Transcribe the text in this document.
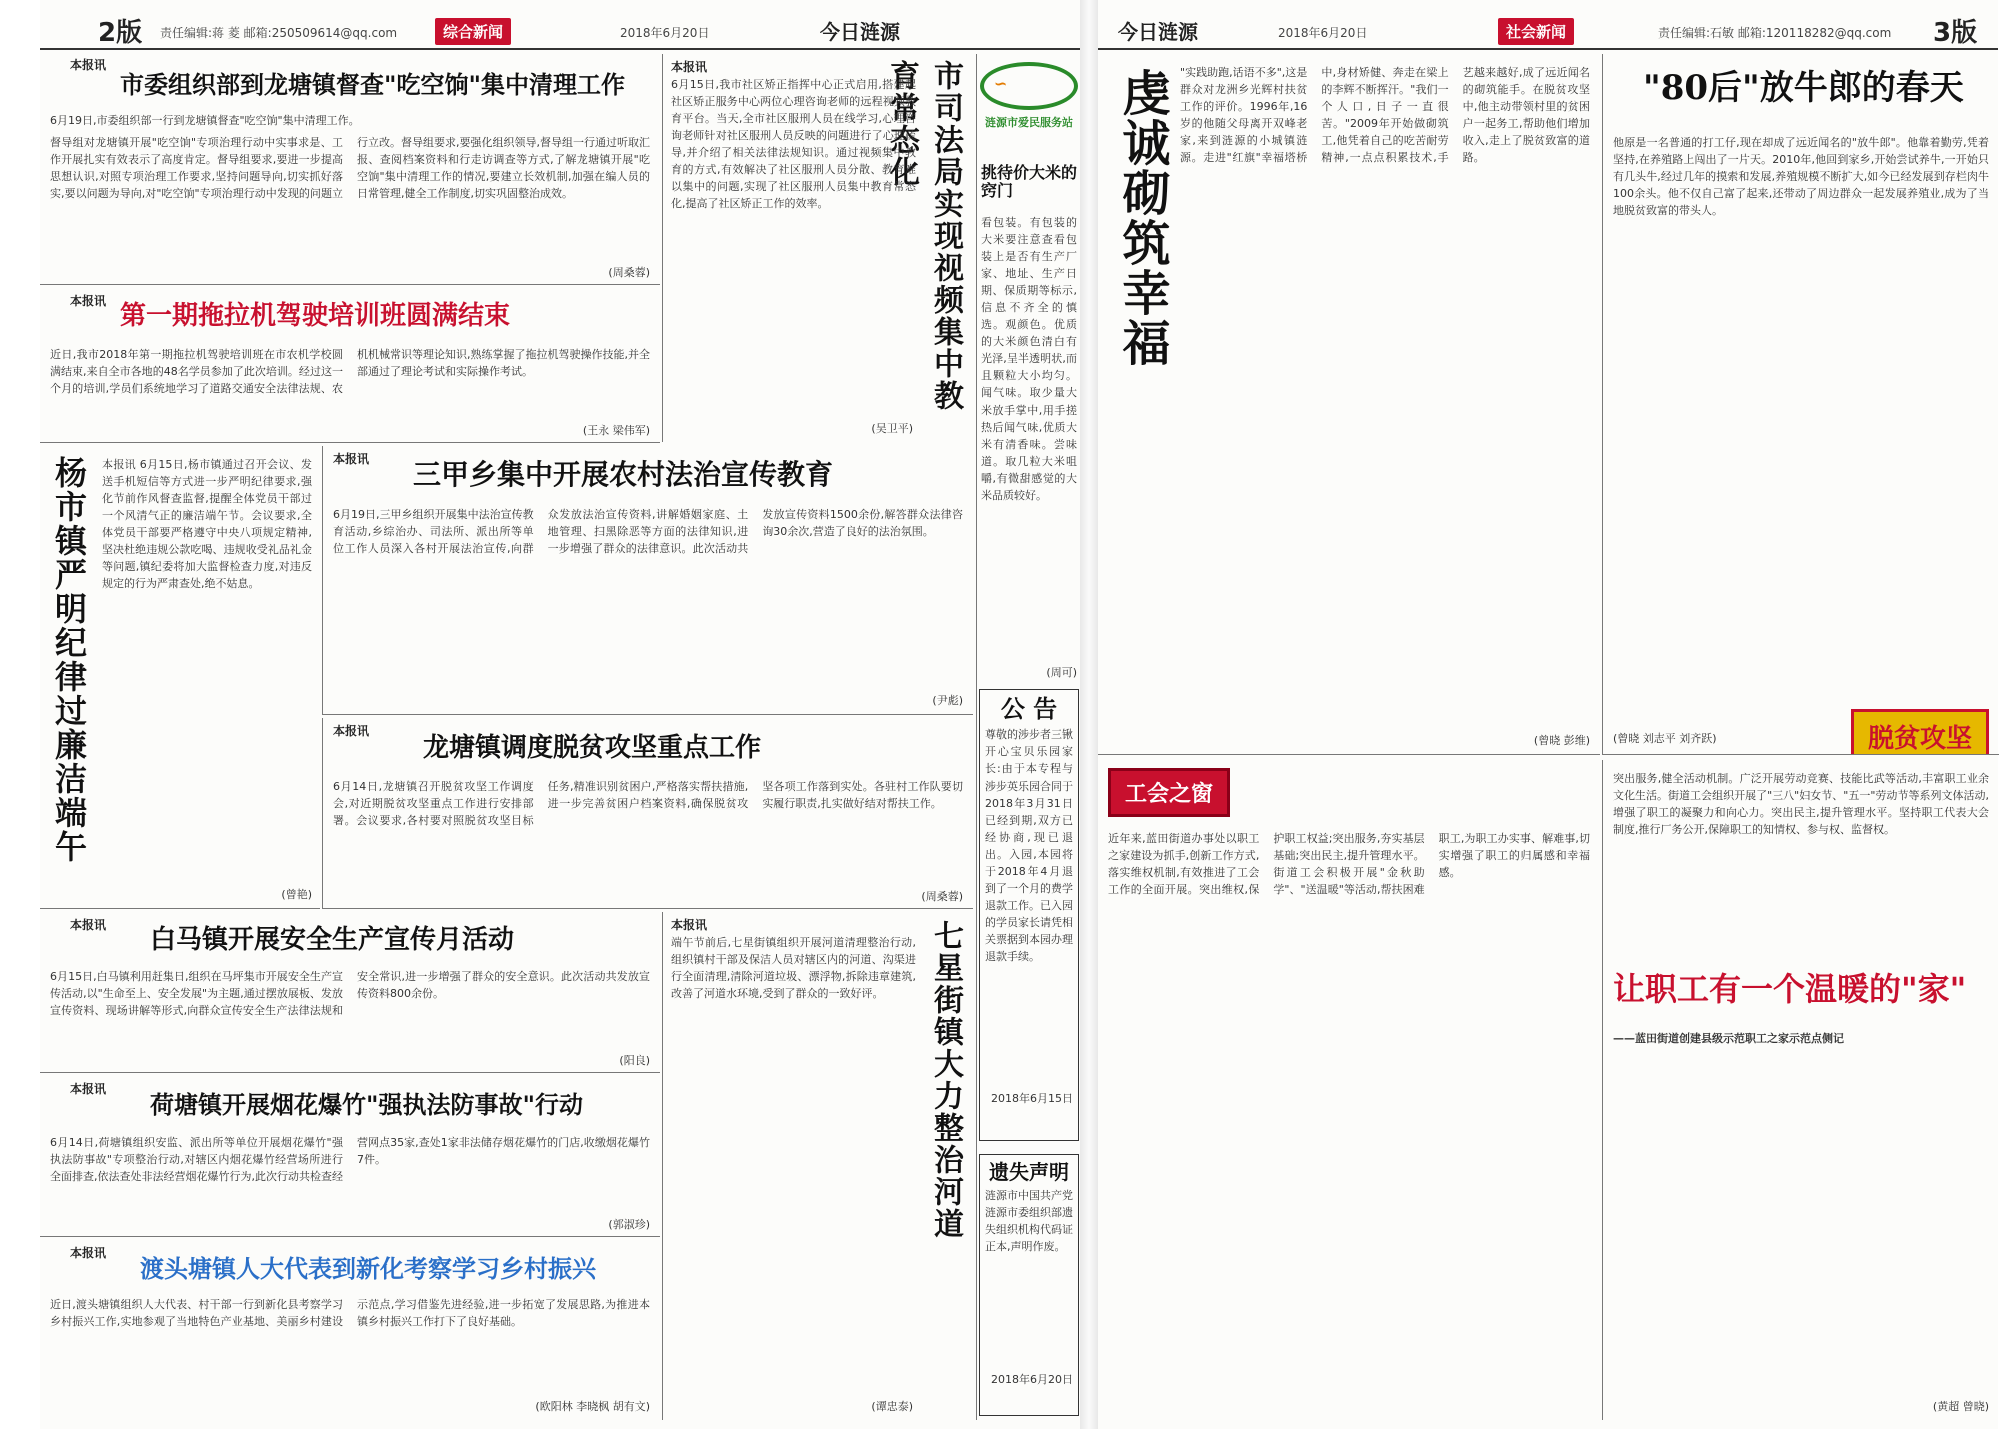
2版 责任编辑:蒋 菱 邮箱:250509614@qq.com	综合新闻	2018年6月20日	今日涟源
本报讯
市委组织部到龙塘镇督查"吃空饷"集中清理工作
6月19日,市委组织部一行到龙塘镇督查"吃空饷"集中清理工作。
督导组对龙塘镇开展"吃空饷"专项治理行动中实事求是、工作开展扎实有效表示了高度肯定。督导组要求,要进一步提高思想认识,对照专项治理工作要求,坚持问题导向,切实抓好落实,要以问题为导向,对"吃空饷"专项治理行动中发现的问题立行立改。督导组要求,要强化组织领导,督导组一行通过听取汇报、查阅档案资料和行走访调查等方式,了解龙塘镇开展"吃空饷"集中清理工作的情况,要建立长效机制,加强在编人员的日常管理,健全工作制度,切实巩固整治成效。
(周桑蓉)
本报讯	市司法局实现视频集中教育常态化
6月15日,我市社区矫正指挥中心正式启用,搭建起社区矫正服务中心两位心理咨询老师的远程视频教育平台。当天,全市社区服刑人员在线学习,心理咨询老师针对社区服刑人员反映的问题进行了心理疏导,并介绍了相关法律法规知识。通过视频集中教育的方式,有效解决了社区服刑人员分散、教育难以集中的问题,实现了社区服刑人员集中教育常态化,提高了社区矫正工作的效率。
(吴卫平)
本报讯 第一期拖拉机驾驶培训班圆满结束
近日,我市2018年第一期拖拉机驾驶培训班在市农机学校圆满结束,来自全市各地的48名学员参加了此次培训。经过这一个月的培训,学员们系统地学习了道路交通安全法律法规、农机机械常识等理论知识,熟练掌握了拖拉机驾驶操作技能,并全部通过了理论考试和实际操作考试。
(王永 梁伟军)
杨市镇严明纪律过廉洁端午	本报讯 6月15日,杨市镇通过召开会议、发送手机短信等方式进一步严明纪律要求,强化节前作风督查监督,提醒全体党员干部过一个风清气正的廉洁端午节。会议要求,全体党员干部要严格遵守中央八项规定精神,坚决杜绝违规公款吃喝、违规收受礼品礼金等问题,镇纪委将加大监督检查力度,对违反规定的行为严肃查处,绝不姑息。
(曾艳)
本报讯 三甲乡集中开展农村法治宣传教育
6月19日,三甲乡组织开展集中法治宣传教育活动,乡综治办、司法所、派出所等单位工作人员深入各村开展法治宣传,向群众发放法治宣传资料,讲解婚姻家庭、土地管理、扫黑除恶等方面的法律知识,进一步增强了群众的法律意识。此次活动共发放宣传资料1500余份,解答群众法律咨询30余次,营造了良好的法治氛围。
(尹彪)
本报讯
龙塘镇调度脱贫攻坚重点工作
6月14日,龙塘镇召开脱贫攻坚工作调度会,对近期脱贫攻坚重点工作进行安排部署。会议要求,各村要对照脱贫攻坚目标任务,精准识别贫困户,严格落实帮扶措施,进一步完善贫困户档案资料,确保脱贫攻坚各项工作落到实处。各驻村工作队要切实履行职责,扎实做好结对帮扶工作。
(周桑蓉)
本报讯 白马镇开展安全生产宣传月活动
6月15日,白马镇利用赶集日,组织在马坪集市开展安全生产宣传活动,以"生命至上、安全发展"为主题,通过摆放展板、发放宣传资料、现场讲解等形式,向群众宣传安全生产法律法规和安全常识,进一步增强了群众的安全意识。此次活动共发放宣传资料800余份。
(阳良)
本报讯
荷塘镇开展烟花爆竹"强执法防事故"行动
6月14日,荷塘镇组织安监、派出所等单位开展烟花爆竹"强执法防事故"专项整治行动,对辖区内烟花爆竹经营场所进行全面排查,依法查处非法经营烟花爆竹行为,此次行动共检查经营网点35家,查处1家非法储存烟花爆竹的门店,收缴烟花爆竹7件。
(郭淑珍)
本报讯
渡头塘镇人大代表到新化考察学习乡村振兴
近日,渡头塘镇组织人大代表、村干部一行到新化县考察学习乡村振兴工作,实地参观了当地特色产业基地、美丽乡村建设示范点,学习借鉴先进经验,进一步拓宽了发展思路,为推进本镇乡村振兴工作打下了良好基础。
(欧阳林 李晓枫 胡有文)
本报讯	七星街镇大力整治河道
端午节前后,七星街镇组织开展河道清理整治行动,组织镇村干部及保洁人员对辖区内的河道、沟渠进行全面清理,清除河道垃圾、漂浮物,拆除违章建筑,改善了河道水环境,受到了群众的一致好评。
(谭忠泰)
∽
涟源市爱民服务站
挑待价大米的窍门
看包装。有包装的大米要注意查看包装上是否有生产厂家、地址、生产日期、保质期等标示,信息不齐全的慎选。观颜色。优质的大米颜色清白有光泽,呈半透明状,而且颗粒大小均匀。闻气味。取少量大米放手掌中,用手搓热后闻气味,优质大米有清香味。尝味道。取几粒大米咀嚼,有微甜感觉的大米品质较好。
(周可)
公 告
尊敬的涉步者三锹开心宝贝乐园家长:由于本专程与涉步英乐园合同于2018年3月31日已经到期,双方已经协商,现已退出。入园,本园将于2018年4月退到了一个月的费学退款工作。已入园的学员家长请凭相关票据到本园办理退款手续。
2018年6月15日
遗失声明
涟源市中国共产党涟源市委组织部遗失组织机构代码证正本,声明作废。
2018年6月20日
今日涟源	2018年6月20日	社会新闻	责任编辑:石敏 邮箱:120118282@qq.com 3版
虔诚砌筑幸福 "实践助跑,话语不多",这是群众对龙洲乡光辉村扶贫工作的评价。1996年,16岁的他随父母离开双峰老家,来到涟源的小城镇涟源。走进"红旗"幸福塔桥中,身材矫健、奔走在梁上的李辉不断挥汗。"我们一个人口,日子一直很苦。"2009年开始做砌筑工,他凭着自己的吃苦耐劳精神,一点点积累技术,手艺越来越好,成了远近闻名的砌筑能手。在脱贫攻坚中,他主动带领村里的贫困户一起务工,帮助他们增加收入,走上了脱贫致富的道路。
(曾晓 彭维)
"80后"放牛郎的春天
他原是一名普通的打工仔,现在却成了远近闻名的"放牛郎"。他靠着勤劳,凭着坚持,在养殖路上闯出了一片天。2010年,他回到家乡,开始尝试养牛,一开始只有几头牛,经过几年的摸索和发展,养殖规模不断扩大,如今已经发展到存栏肉牛100余头。他不仅自己富了起来,还带动了周边群众一起发展养殖业,成为了当地脱贫致富的带头人。
脱贫攻坚
(曾晓 刘志平 刘齐跃)
工会之窗
近年来,蓝田街道办事处以职工之家建设为抓手,创新工作方式,落实维权机制,有效推进了工会工作的全面开展。突出维权,保护职工权益;突出服务,夯实基层基础;突出民主,提升管理水平。街道工会积极开展"金秋助学"、"送温暖"等活动,帮扶困难职工,为职工办实事、解难事,切实增强了职工的归属感和幸福感。
让职工有一个温暖的"家"
突出服务,健全活动机制。广泛开展劳动竞赛、技能比武等活动,丰富职工业余文化生活。街道工会组织开展了"三八"妇女节、"五一"劳动节等系列文体活动,增强了职工的凝聚力和向心力。突出民主,提升管理水平。坚持职工代表大会制度,推行厂务公开,保障职工的知情权、参与权、监督权。
——蓝田街道创建县级示范职工之家示范点侧记
(黄超 曾晓)
